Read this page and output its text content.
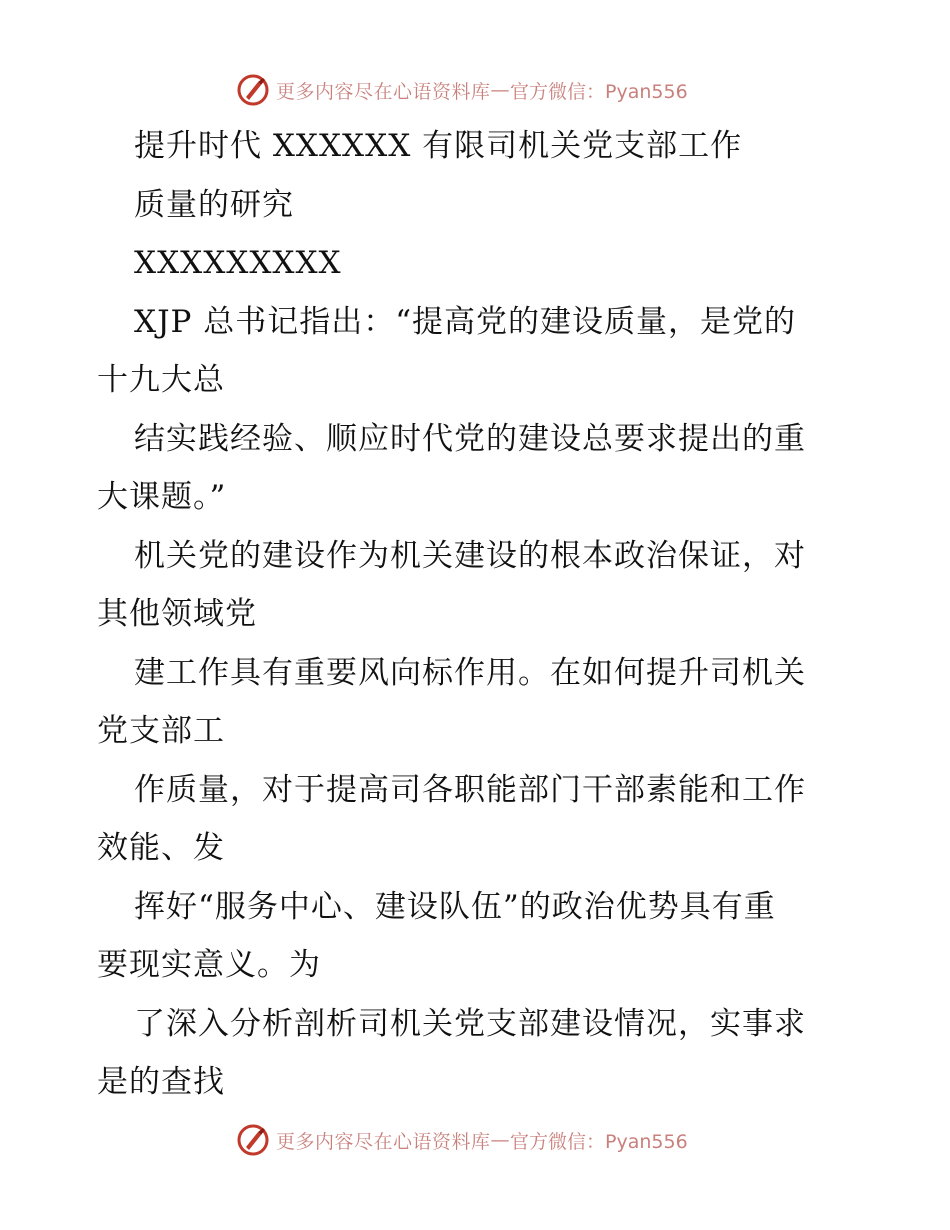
更多内容尽在心语资料库 — 官方微信：Pyan556
提升时代 XXXXXX 有限司机关党支部工作
质量的研究
XXXXXXXXX
XJP 总书记指出：“提高党的建设质量，是党的
十九大总
结实践经验、顺应时代党的建设总要求提出的重
大课题。”
机关党的建设作为机关建设的根本政治保证，对
其他领域党
建工作具有重要风向标作用。在如何提升司机关
党支部工
作质量，对于提高司各职能部门干部素能和工作
效能、发
挥好“服务中心、建设队伍”的政治优势具有重
要现实意义。为
了深入分析剖析司机关党支部建设情况，实事求
是的查找
更多内容尽在心语资料库 — 官方微信：Pyan556
